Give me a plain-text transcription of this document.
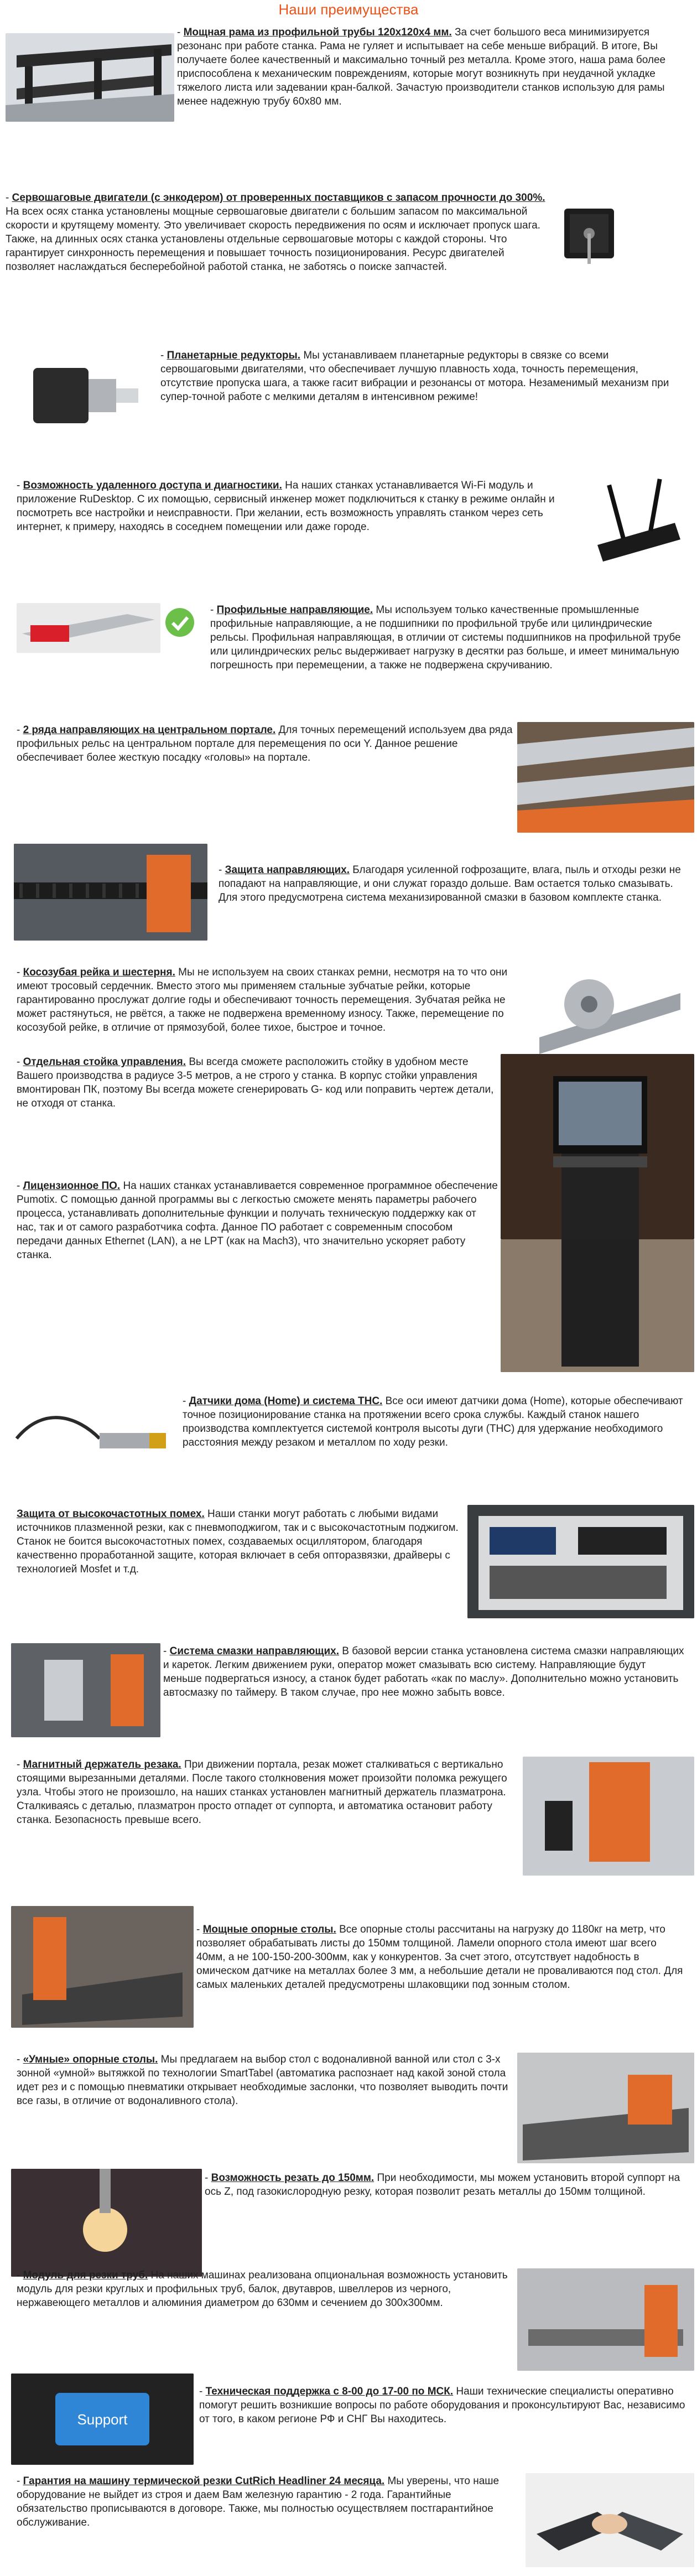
Наши преимущества
- Мощная рама из профильной трубы 120х120х4 мм. За счет большого веса минимизируется резонанс при работе станка. Рама не гуляет и испытывает на себе меньше вибраций. В итоге, Вы получаете более качественный и максимально точный рез металла. Кроме этого, наша рама более приспособлена к механическим повреждениям, которые могут возникнуть при неудачной укладке тяжелого листа или задевании кран-балкой. Зачастую производители станков использую для рамы менее надежную трубу 60х80 мм.
- Сервошаговые двигатели (с энкодером) от проверенных поставщиков с запасом прочности до 300%. На всех осях станка установлены мощные сервошаговые двигатели с большим запасом по максимальной скорости и крутящему моменту. Это увеличивает скорость передвижения по осям и исключает пропуск шага. Также, на длинных осях станка установлены отдельные сервошаговые моторы с каждой стороны. Что гарантирует синхронность перемещения и повышает точность позиционирования. Ресурс двигателей позволяет наслаждаться бесперебойной работой станка, не заботясь о поиске запчастей.
- Планетарные редукторы. Мы устанавливаем планетарные редукторы в связке со всеми сервошаговыми двигателями, что обеспечивает лучшую плавность хода, точность перемещения, отсутствие пропуска шага, а также гасит вибрации и резонансы от мотора. Незаменимый механизм при супер-точной работе с мелкими деталям в интенсивном режиме!
- Возможность удаленного доступа и диагностики. На наших станках устанавливается Wi-Fi модуль и приложение RuDesktop. С их помощью, сервисный инженер может подключиться к станку в режиме онлайн и посмотреть все настройки и неисправности. При желании, есть возможность управлять станком через сеть интернет, к примеру, находясь в соседнем помещении или даже городе.
- Профильные направляющие. Мы используем только качественные промышленные профильные направляющие, а не подшипники по профильной трубе или цилиндрические рельсы. Профильная направляющая, в отличии от системы подшипников на профильной трубе или цилиндрических рельс выдерживает нагрузку в десятки раз больше, и имеет минимальную погрешность при перемещении, а также не подвержена скручиванию.
- 2 ряда направляющих на центральном портале. Для точных перемещений используем два ряда профильных рельс на центральном портале для перемещения по оси Y. Данное решение обеспечивает более жесткую посадку «головы» на портале.
- Защита направляющих. Благодаря усиленной гофрозащите, влага, пыль и отходы резки не попадают на направляющие, и они служат гораздо дольше. Вам остается только смазывать. Для этого предусмотрена система механизированной смазки в базовом комплекте станка.
- Косозубая рейка и шестерня. Мы не используем на своих станках ремни, несмотря на то что они имеют тросовый сердечник. Вместо этого мы применяем стальные зубчатые рейки, которые гарантированно прослужат долгие годы и обеспечивают точность перемещения. Зубчатая рейка не может растянуться, не рвётся, а также не подвержена временному износу. Также, перемещение по косозубой рейке, в отличие от прямозубой, более тихое, быстрое и точное.
- Отдельная стойка управления. Вы всегда сможете расположить стойку в удобном месте Вашего производства в радиусе 3-5 метров, а не строго у станка. В корпус стойки управления вмонтирован ПК, поэтому Вы всегда можете сгенерировать G- код или поправить чертеж детали, не отходя от станка.
- Лицензионное ПО. На наших станках устанавливается современное программное обеспечение Pumotix. С помощью данной программы вы с легкостью сможете менять параметры рабочего процесса, устанавливать дополнительные функции и получать техническую поддержку как от нас, так и от самого разработчика софта. Данное ПО работает с современным способом передачи данных Ethernet (LAN), а не LPT (как на Mach3), что значительно ускоряет работу станка.
- Датчики дома (Home) и система THC. Все оси имеют датчики дома (Home), которые обеспечивают точное позиционирование станка на протяжении всего срока службы. Каждый станок нашего производства комплектуется системой контроля высоты дуги (THC) для удержание необходимого расстояния между резаком и металлом по ходу резки.
Защита от высокочастотных помех. Наши станки могут работать с любыми видами источников плазменной резки, как с пневмоподжигом, так и с высокочастотным поджигом. Станок не боится высокочастотных помех, создаваемых осциллятором, благодаря качественно проработанной защите, которая включает в себя опторазвязки, драйверы с технологией Mosfet и т.д.
- Система смазки направляющих. В базовой версии станка установлена система смазки направляющих и кареток. Легким движением руки, оператор может смазывать всю систему. Направляющие будут меньше подвергаться износу, а станок будет работать «как по маслу». Дополнительно можно установить автосмазку по таймеру. В таком случае, про нее можно забыть вовсе.
- Магнитный держатель резака. При движении портала, резак может сталкиваться с вертикально стоящими вырезанными деталями. После такого столкновения может произойти поломка режущего узла. Чтобы этого не произошло, на наших станках установлен магнитный держатель плазматрона. Сталкиваясь с деталью, плазматрон просто отпадет от суппорта, и автоматика остановит работу станка. Безопасность превыше всего.
- Мощные опорные столы. Все опорные столы рассчитаны на нагрузку до 1180кг на метр, что позволяет обрабатывать листы до 150мм толщиной. Ламели опорного стола имеют шаг всего 40мм, а не 100-150-200-300мм, как у конкурентов. За счет этого, отсутствует надобность в омическом датчике на металлах более 3 мм, а небольшие детали не проваливаются под стол. Для самых маленьких деталей предусмотрены шлаковщики под зонным столом.
- «Умные» опорные столы. Мы предлагаем на выбор стол с водоналивной ванной или стол с 3-х зонной «умной» вытяжкой по технологии SmartTabel (автоматика распознает над какой зоной стола идет рез и с помощью пневматики открывает необходимые заслонки, что позволяет выводить почти все газы, в отличие от водоналивного стола).
- Возможность резать до 150мм. При необходимости, мы можем установить второй суппорт на ось Z, под газокислородную резку, которая позволит резать металлы до 150мм толщиной.
- Модуль для резки труб. На наших машинах реализована опциональная возможность установить модуль для резки круглых и профильных труб, балок, двутавров, швеллеров из черного, нержавеющего металлов и алюминия диаметром до 630мм и сечением до 300х300мм.
Support
- Техническая поддержка с 8-00 до 17-00 по МСК. Наши технические специалисты оперативно помогут решить возникшие вопросы по работе оборудования и проконсультируют Вас, независимо от того, в каком регионе РФ и СНГ Вы находитесь.
- Гарантия на машину термической резки CutRich Headliner 24 месяца. Мы уверены, что наше оборудование не выйдет из строя и даем Вам железную гарантию - 2 года. Гарантийные обязательство прописываются в договоре. Также, мы полностью осуществляем постгарантийное обслуживание.
